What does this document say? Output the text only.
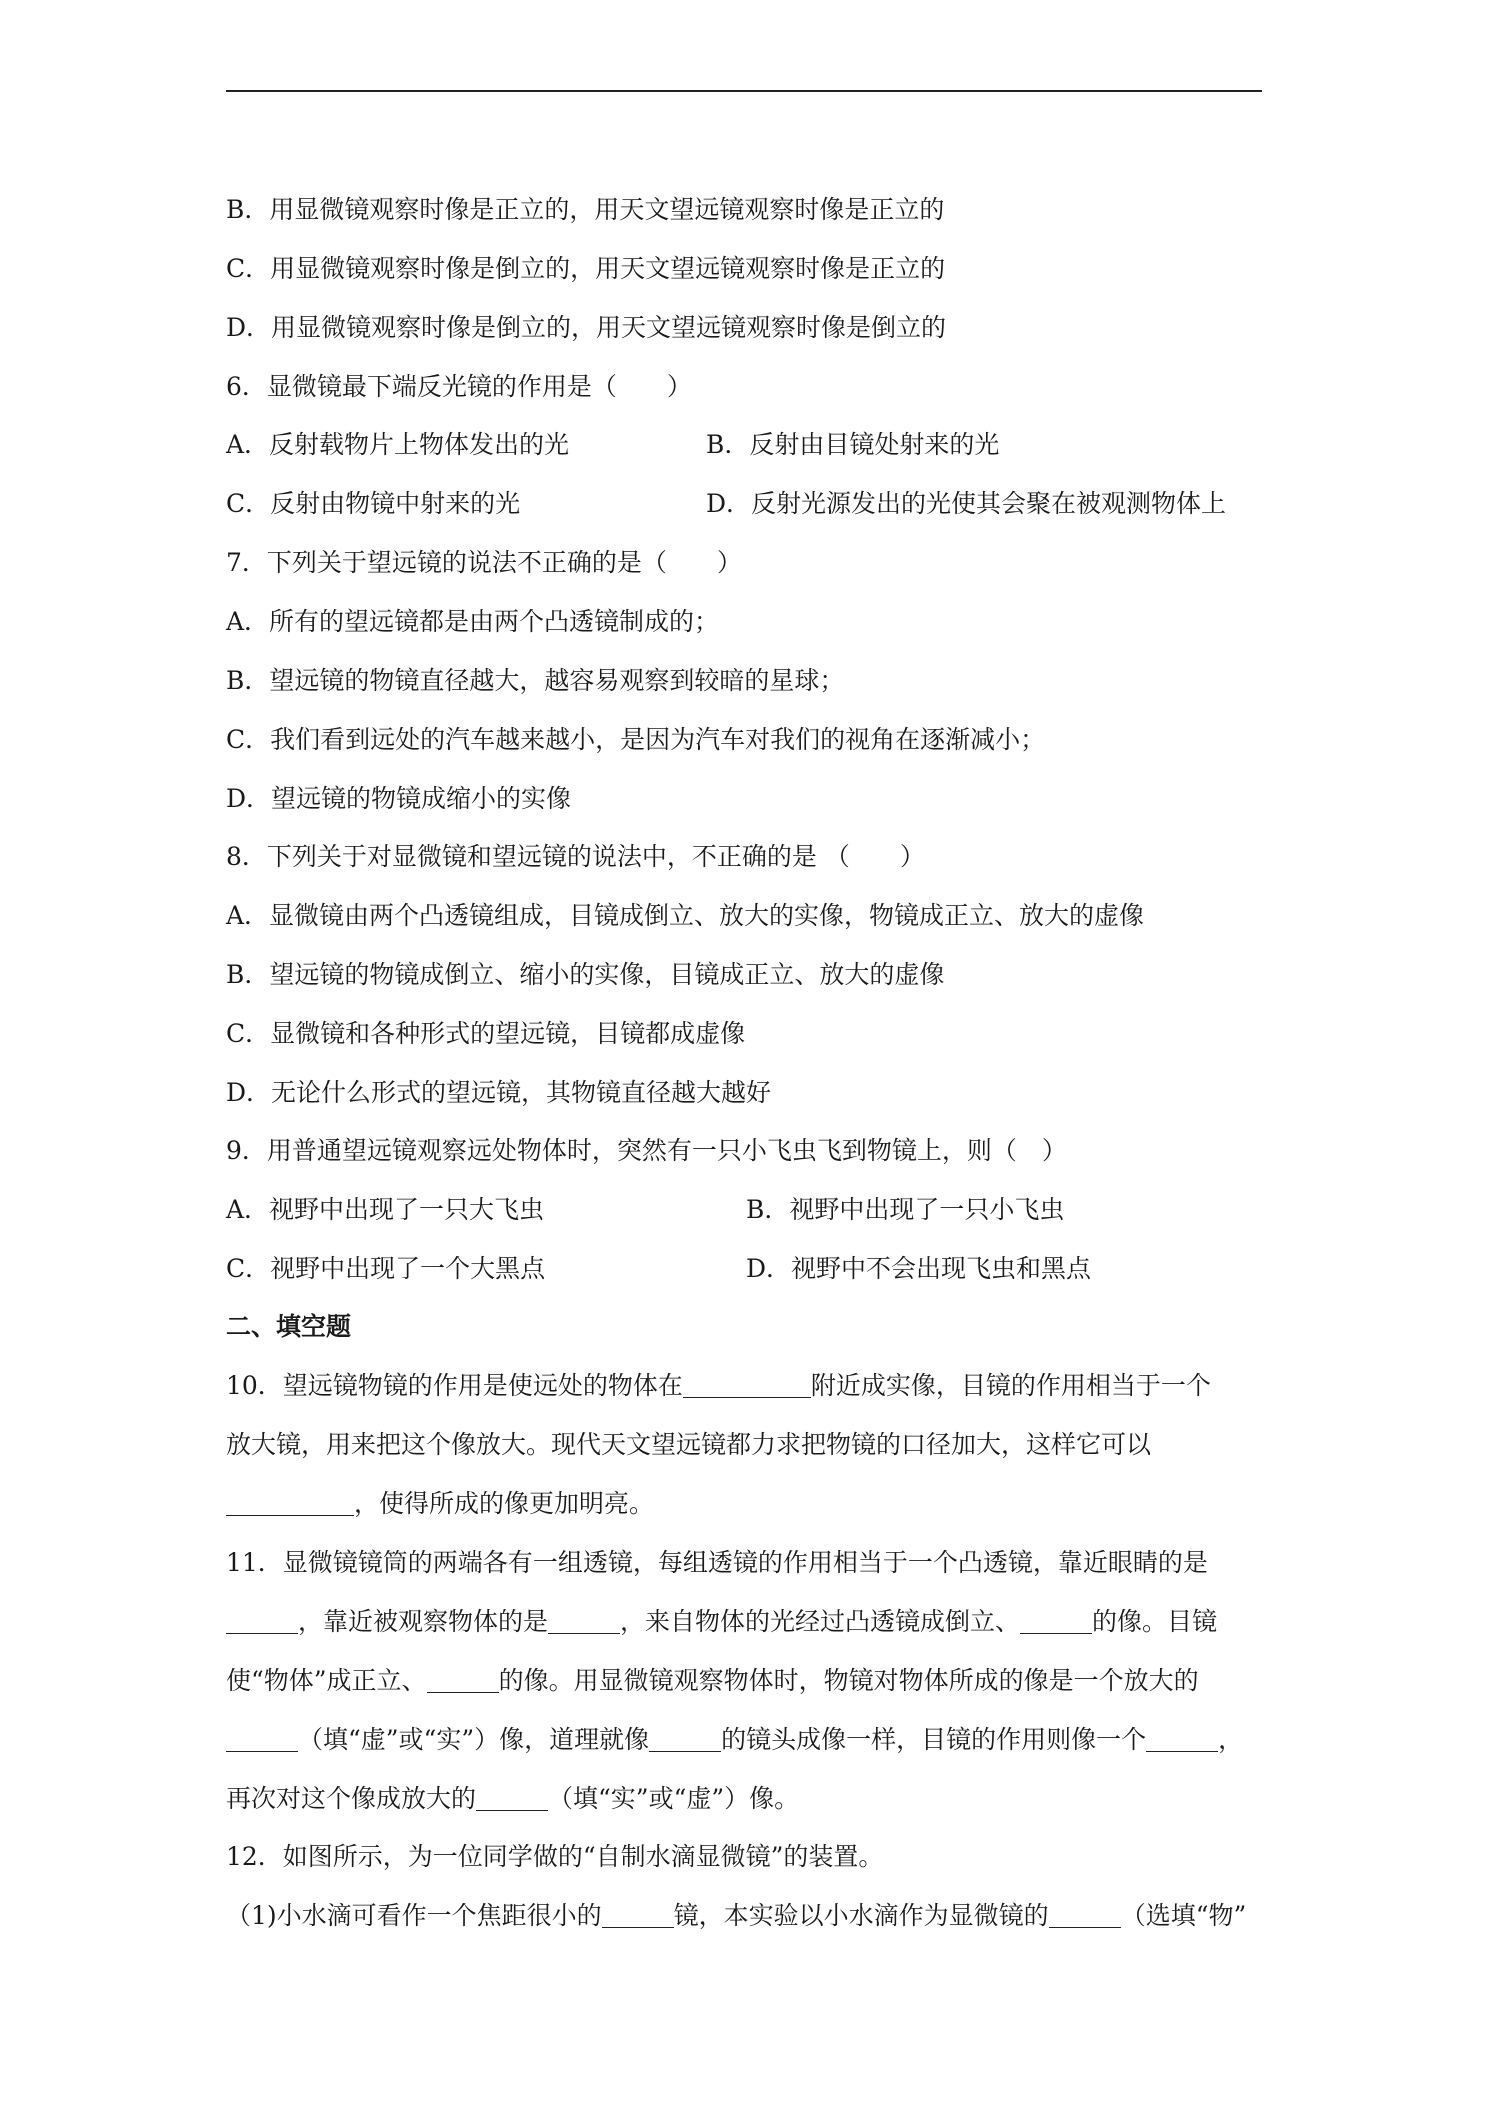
B．用显微镜观察时像是正立的，用天文望远镜观察时像是正立的
C．用显微镜观察时像是倒立的，用天文望远镜观察时像是正立的
D．用显微镜观察时像是倒立的，用天文望远镜观察时像是倒立的
6．显微镜最下端反光镜的作用是（　　）
A．反射载物片上物体发出的光	B．反射由目镜处射来的光
C．反射由物镜中射来的光	D．反射光源发出的光使其会聚在被观测物体上
7．下列关于望远镜的说法不正确的是（　　）
A．所有的望远镜都是由两个凸透镜制成的；
B．望远镜的物镜直径越大，越容易观察到较暗的星球；
C．我们看到远处的汽车越来越小，是因为汽车对我们的视角在逐渐减小；
D．望远镜的物镜成缩小的实像
8．下列关于对显微镜和望远镜的说法中，不正确的是 （　　）
A．显微镜由两个凸透镜组成，目镜成倒立、放大的实像，物镜成正立、放大的虚像
B．望远镜的物镜成倒立、缩小的实像，目镜成正立、放大的虚像
C．显微镜和各种形式的望远镜，目镜都成虚像
D．无论什么形式的望远镜，其物镜直径越大越好
9．用普通望远镜观察远处物体时，突然有一只小飞虫飞到物镜上，则（　）
A．视野中出现了一只大飞虫	B．视野中出现了一只小飞虫
C．视野中出现了一个大黑点	D．视野中不会出现飞虫和黑点
二、填空题
10．望远镜物镜的作用是使远处的物体在	附近成实像，目镜的作用相当于一个
放大镜，用来把这个像放大。现代天文望远镜都力求把物镜的口径加大，这样它可以
，使得所成的像更加明亮。
11．显微镜镜筒的两端各有一组透镜，每组透镜的作用相当于一个凸透镜，靠近眼睛的是
，靠近被观察物体的是	，来自物体的光经过凸透镜成倒立、	的像。目镜
使“物体”成正立、	的像。用显微镜观察物体时，物镜对物体所成的像是一个放大的
（填“虚”或“实”）像，道理就像	的镜头成像一样，目镜的作用则像一个	，
再次对这个像成放大的	（填“实”或“虚”）像。
12．如图所示，为一位同学做的“自制水滴显微镜”的装置。
（1)小水滴可看作一个焦距很小的	镜，本实验以小水滴作为显微镜的	（选填“物”
